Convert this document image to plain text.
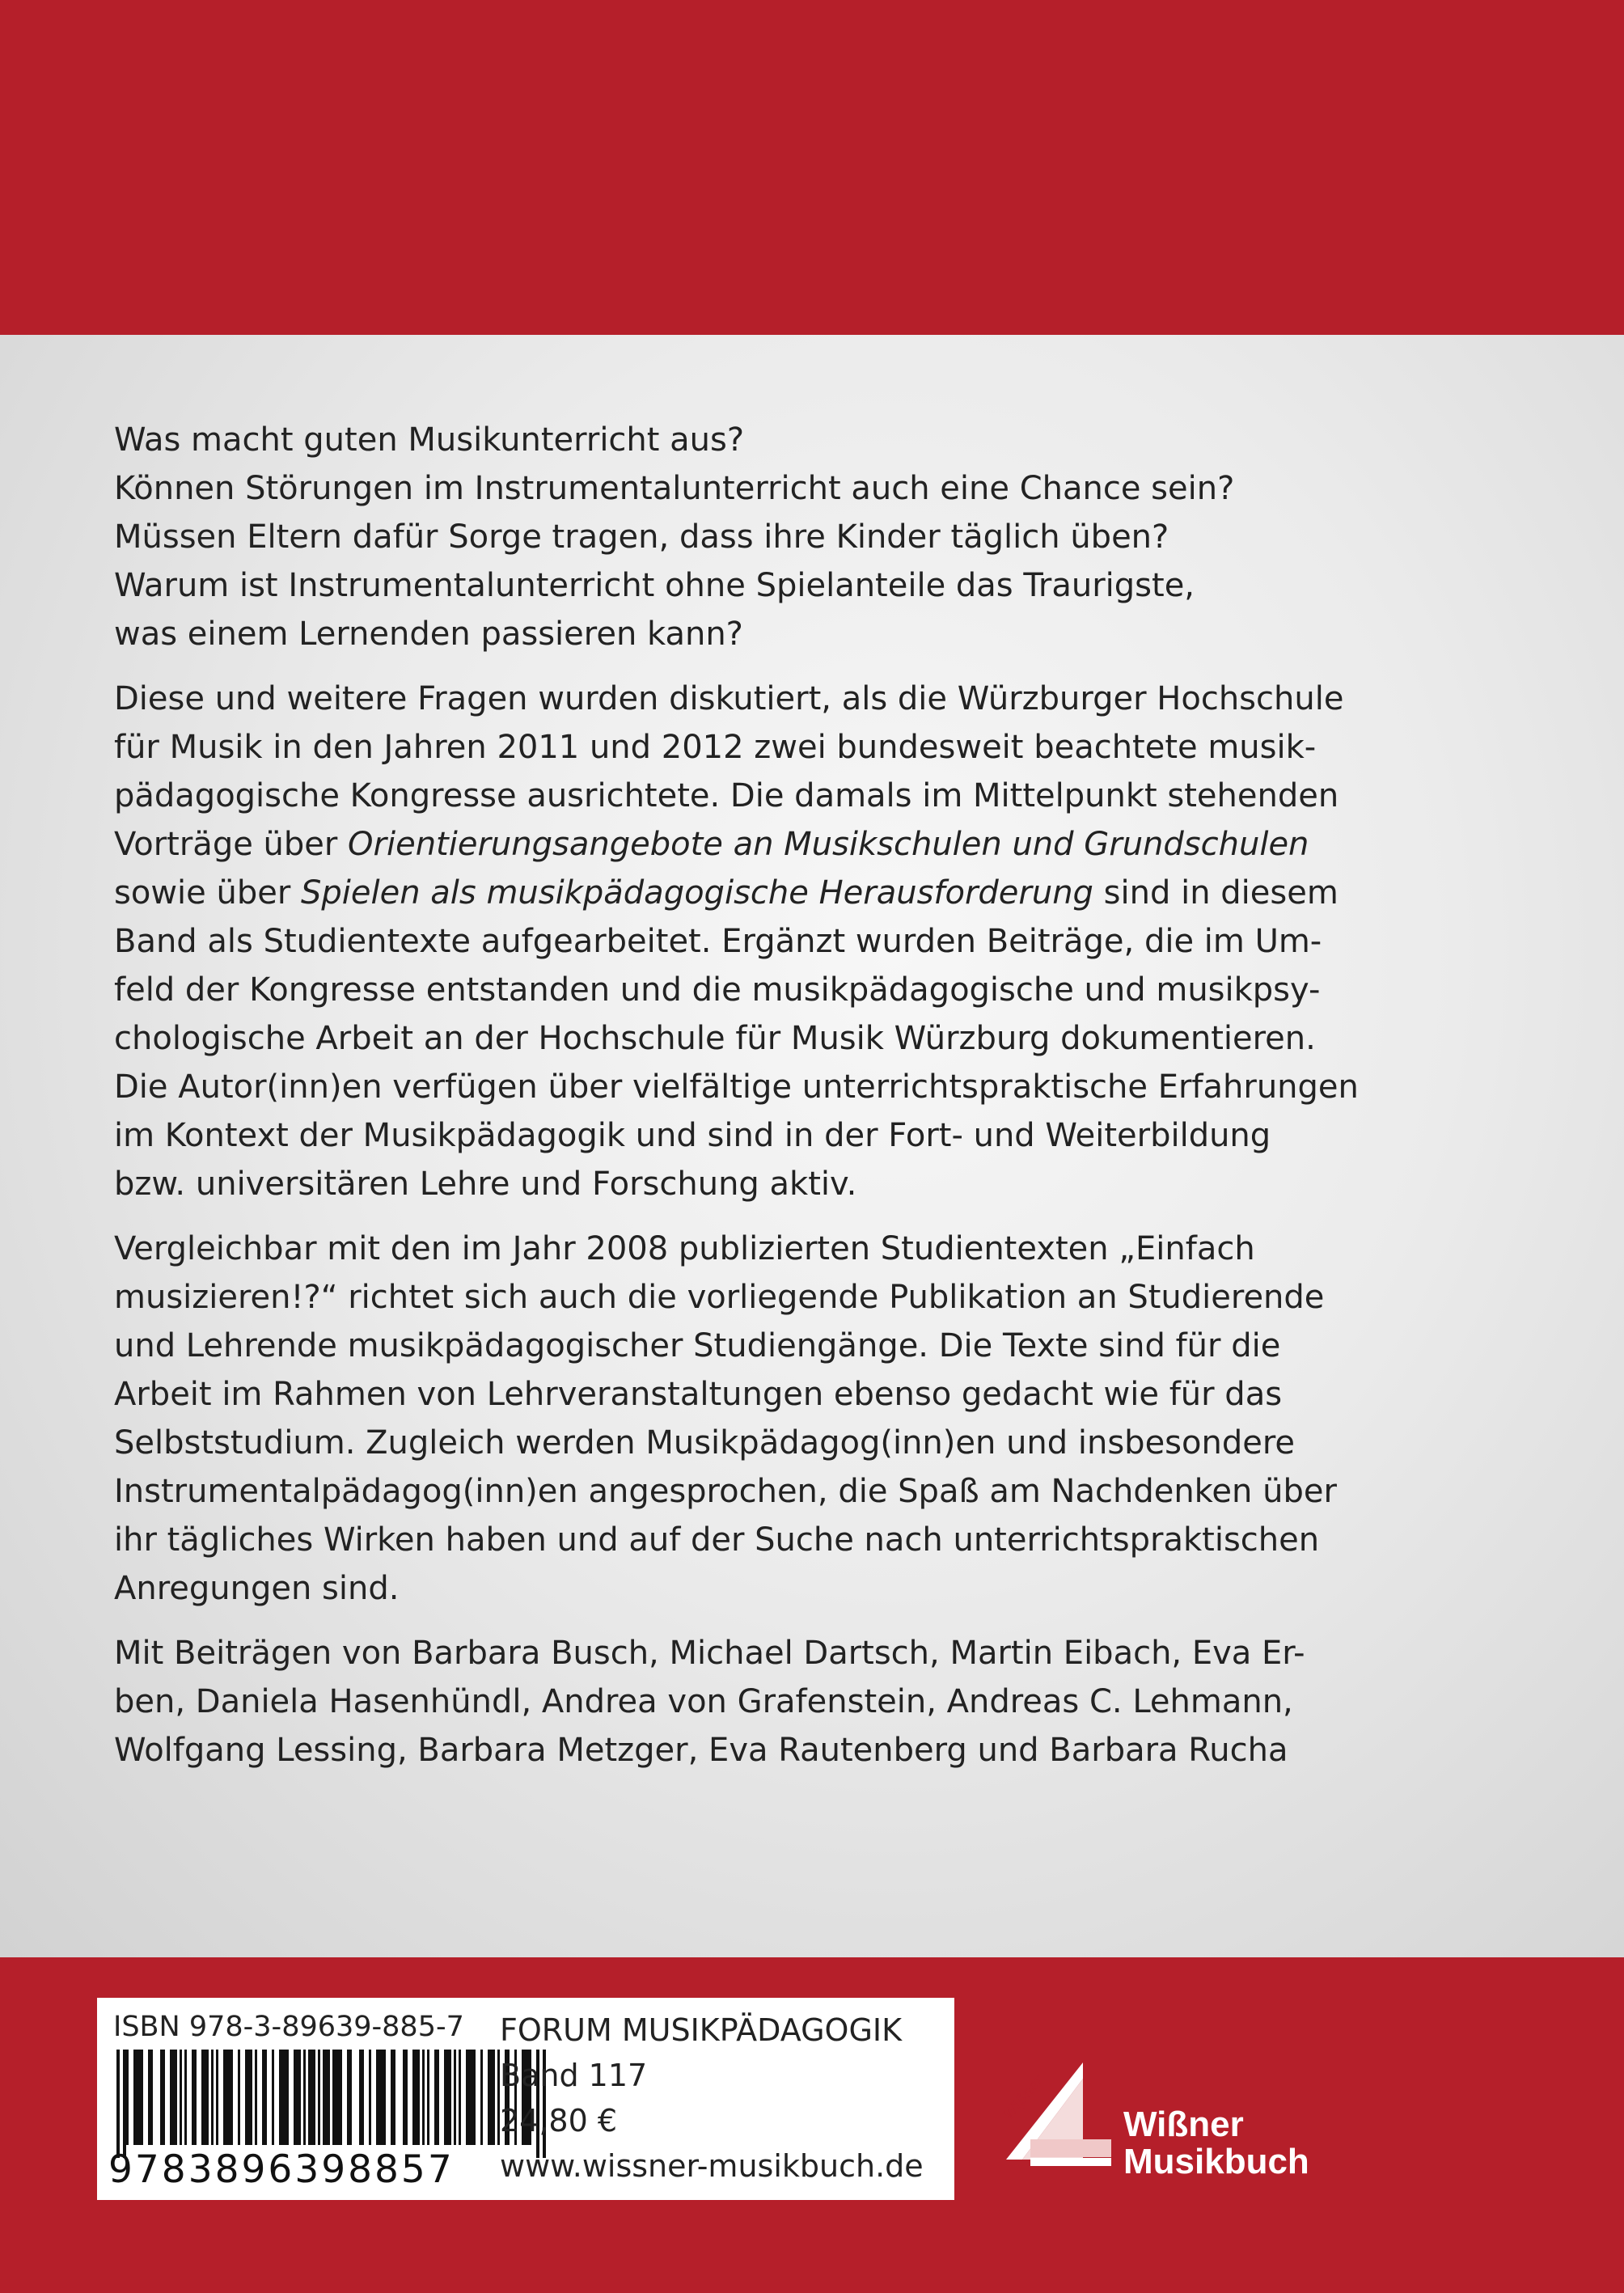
Was macht guten Musikunterricht aus?
Können Störungen im Instrumentalunterricht auch eine Chance sein?
Müssen Eltern dafür Sorge tragen, dass ihre Kinder täglich üben?
Warum ist Instrumentalunterricht ohne Spielanteile das Traurigste,
was einem Lernenden passieren kann?

Diese und weitere Fragen wurden diskutiert, als die Würzburger Hochschule
für Musik in den Jahren 2011 und 2012 zwei bundesweit beachtete musik-
pädagogische Kongresse ausrichtete. Die damals im Mittelpunkt stehenden
Vorträge über Orientierungsangebote an Musikschulen und Grundschulen
sowie über Spielen als musikpädagogische Herausforderung sind in diesem
Band als Studientexte aufgearbeitet. Ergänzt wurden Beiträge, die im Um-
feld der Kongresse entstanden und die musikpädagogische und musikpsy-
chologische Arbeit an der Hochschule für Musik Würzburg dokumentieren.
Die Autor(inn)en verfügen über vielfältige unterrichtspraktische Erfahrungen
im Kontext der Musikpädagogik und sind in der Fort- und Weiterbildung
bzw. universitären Lehre und Forschung aktiv.

Vergleichbar mit den im Jahr 2008 publizierten Studientexten „Einfach
musizieren!?“ richtet sich auch die vorliegende Publikation an Studierende
und Lehrende musikpädagogischer Studiengänge. Die Texte sind für die
Arbeit im Rahmen von Lehrveranstaltungen ebenso gedacht wie für das
Selbststudium. Zugleich werden Musikpädagog(inn)en und insbesondere
Instrumentalpädagog(inn)en angesprochen, die Spaß am Nachdenken über
ihr tägliches Wirken haben und auf der Suche nach unterrichtspraktischen
Anregungen sind.

Mit Beiträgen von Barbara Busch, Michael Dartsch, Martin Eibach, Eva Er-
ben, Daniela Hasenhündl, Andrea von Grafenstein, Andreas C. Lehmann,
Wolfgang Lessing, Barbara Metzger, Eva Rautenberg und Barbara Rucha

ISBN 978-3-89639-885-7
9783896398857
FORUM MUSIKPÄDAGOGIK
Band 117
24,80 €
www.wissner-musikbuch.de
Wißner
Wißner
Musikbuch
